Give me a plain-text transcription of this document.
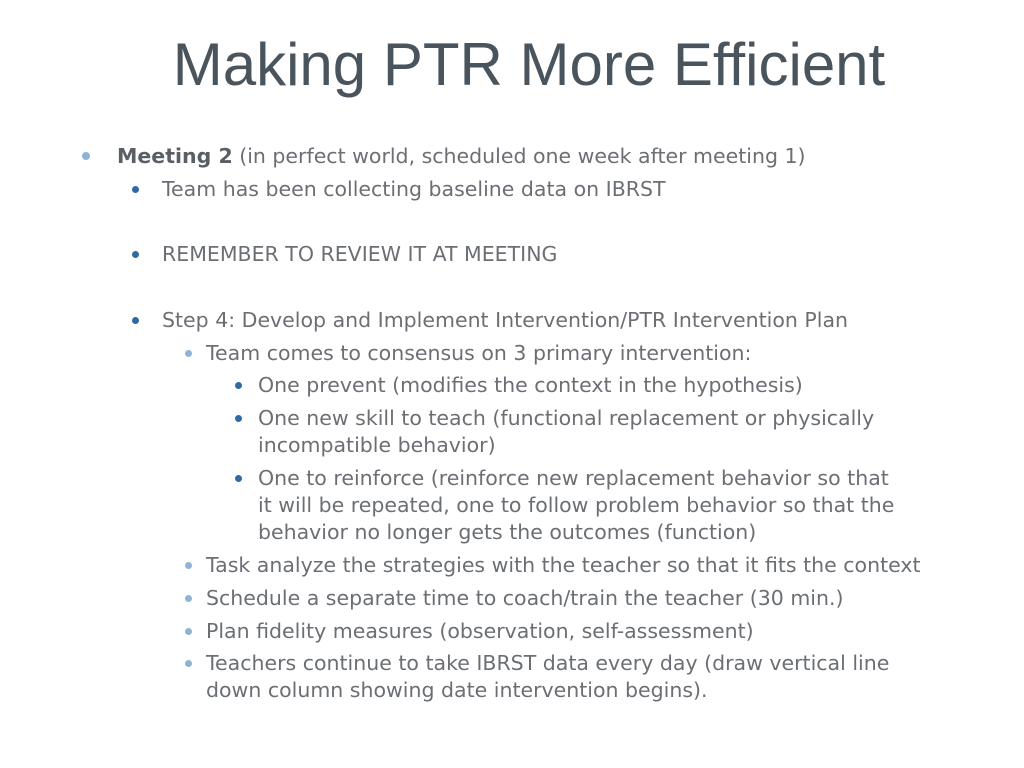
Making PTR More Efficient
Meeting 2 (in perfect world, scheduled one week after meeting 1)
Team has been collecting baseline data on IBRST
REMEMBER TO REVIEW IT AT MEETING
Step 4: Develop and Implement Intervention/PTR Intervention Plan
Team comes to consensus on 3 primary intervention:
One prevent (modifies the context in the hypothesis)
One new skill to teach (functional replacement or physically
incompatible behavior)
One to reinforce (reinforce new replacement behavior so that
it will be repeated, one to follow problem behavior so that the
behavior no longer gets the outcomes (function)
Task analyze the strategies with the teacher so that it fits the context
Schedule a separate time to coach/train the teacher (30 min.)
Plan fidelity measures (observation, self-assessment)
Teachers continue to take IBRST data every day (draw vertical line
down column showing date intervention begins).
